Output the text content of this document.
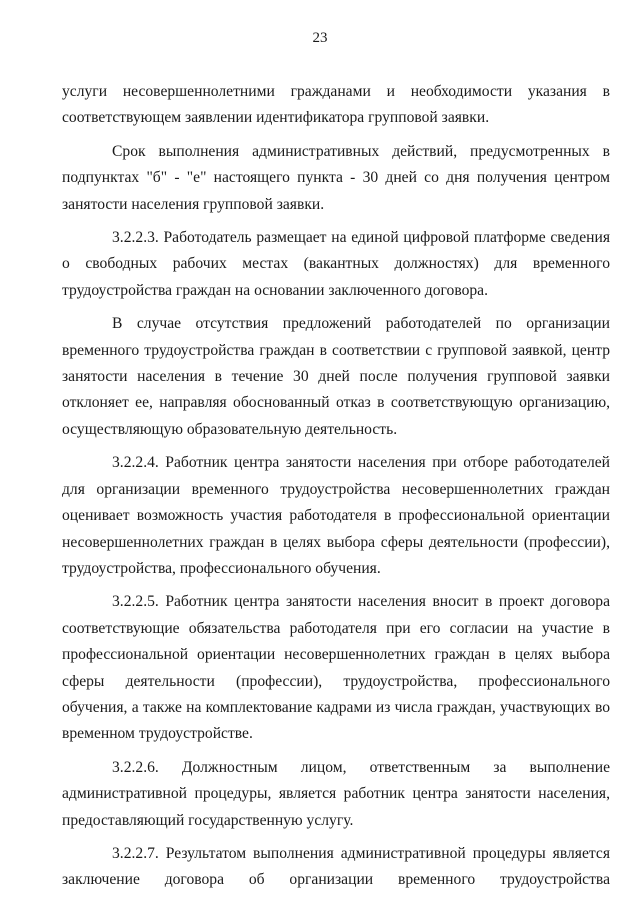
23

услуги несовершеннолетними гражданами и необходимости указания в соответствующем заявлении идентификатора групповой заявки.

Срок выполнения административных действий, предусмотренных в подпунктах "б" - "е" настоящего пункта - 30 дней со дня получения центром занятости населения групповой заявки.

3.2.2.3. Работодатель размещает на единой цифровой платформе сведения о свободных рабочих местах (вакантных должностях) для временного трудоустройства граждан на основании заключенного договора.

В случае отсутствия предложений работодателей по организации временного трудоустройства граждан в соответствии с групповой заявкой, центр занятости населения в течение 30 дней после получения групповой заявки отклоняет ее, направляя обоснованный отказ в соответствующую организацию, осуществляющую образовательную деятельность.

3.2.2.4. Работник центра занятости населения при отборе работодателей для организации временного трудоустройства несовершеннолетних граждан оценивает возможность участия работодателя в профессиональной ориентации несовершеннолетних граждан в целях выбора сферы деятельности (профессии), трудоустройства, профессионального обучения.

3.2.2.5. Работник центра занятости населения вносит в проект договора соответствующие обязательства работодателя при его согласии на участие в профессиональной ориентации несовершеннолетних граждан в целях выбора сферы деятельности (профессии), трудоустройства, профессионального обучения, а также на комплектование кадрами из числа граждан, участвующих во временном трудоустройстве.

3.2.2.6. Должностным лицом, ответственным за выполнение административной процедуры, является работник центра занятости населения, предоставляющий государственную услугу.

3.2.2.7. Результатом выполнения административной процедуры является заключение договора об организации временного трудоустройства
